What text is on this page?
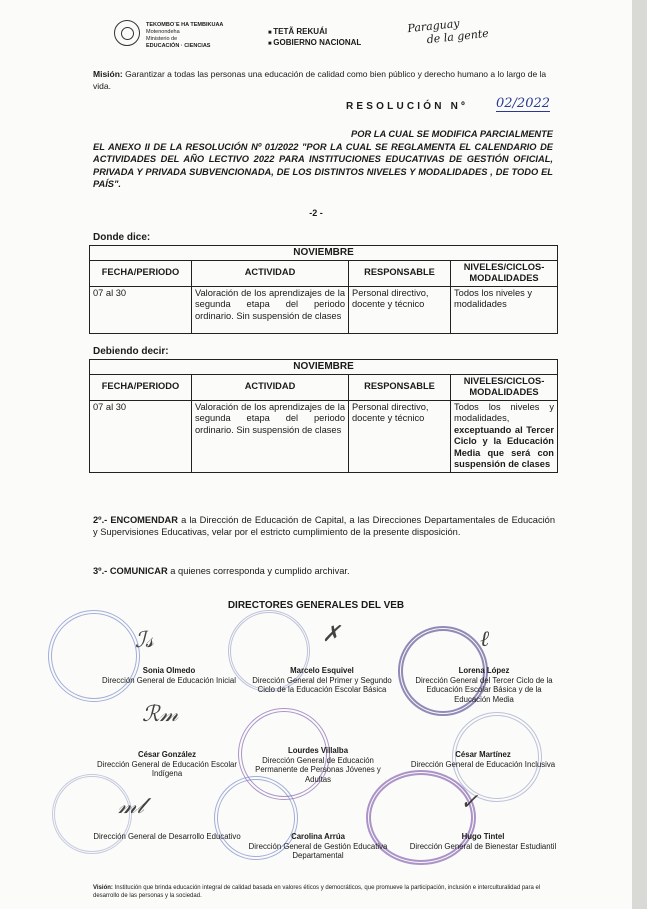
TEKOMBO´E HA TEMBIKUAA
Motenondeha
Ministerio de
EDUCACIÓN · CIENCIAS
■ TETÃ REKUÁI
■ GOBIERNO NACIONAL
Paraguay
de la gente
Misión: Garantizar a todas las personas una educación de calidad como bien público y derecho humano a lo largo de la vida.
RESOLUCIÓN Nº 02/2022
POR LA CUAL SE MODIFICA PARCIALMENTE
EL ANEXO II DE LA RESOLUCIÓN Nº 01/2022 "POR LA CUAL SE REGLAMENTA EL CALENDARIO DE ACTIVIDADES DEL AÑO LECTIVO 2022 PARA INSTITUCIONES EDUCATIVAS DE GESTIÓN OFICIAL, PRIVADA Y PRIVADA SUBVENCIONADA, DE LOS DISTINTOS NIVELES Y MODALIDADES , DE TODO EL PAÍS".
-2 -
Donde dice:
NOVIEMBRE			
FECHA/PERIODO	ACTIVIDAD	RESPONSABLE	NIVELES/CICLOS-MODALIDADES
07 al 30	Valoración de los aprendizajes de la segunda etapa del periodo ordinario. Sin suspensión de clases	Personal directivo, docente y técnico	Todos los niveles y modalidades
Debiendo decir:
NOVIEMBRE			
FECHA/PERIODO	ACTIVIDAD	RESPONSABLE	NIVELES/CICLOS-MODALIDADES
07 al 30	Valoración de los aprendizajes de la segunda etapa del periodo ordinario. Sin suspensión de clases	Personal directivo, docente y técnico	Todos los niveles y modalidades, exceptuando al Tercer Ciclo y la Educación Media que será con suspensión de clases
2º.- ENCOMENDAR a la Dirección de Educación de Capital, a las Direcciones Departamentales de Educación y Supervisiones Educativas, velar por el estricto cumplimiento de la presente disposición.
3º.- COMUNICAR a quienes corresponda y cumplido archivar.
DIRECTORES GENERALES DEL VEB
ℐ𝓈	✗	ℓ
ℛ𝓂
𝓂𝓁	✓
Sonia Olmedo
Dirección General de Educación Inicial
Marcelo Esquivel
Dirección General del Primer y Segundo Ciclo de la Educación Escolar Básica
Lorena López
Dirección General del Tercer Ciclo de la Educación Escolar Básica y de la Educación Media
César González
Dirección General de Educación Escolar Indígena
Lourdes Villalba
Dirección General de Educación Permanente de Personas Jóvenes y Adultas
César Martínez
Dirección General de Educación Inclusiva
Dirección General de Desarrollo Educativo	Carolina Arrúa
Dirección General de Gestión Educativa Departamental
Hugo Tintel
Dirección General de Bienestar Estudiantil
Visión: Institución que brinda educación integral de calidad basada en valores éticos y democráticos, que promueve la participación, inclusión e interculturalidad para el desarrollo de las personas y la sociedad.
